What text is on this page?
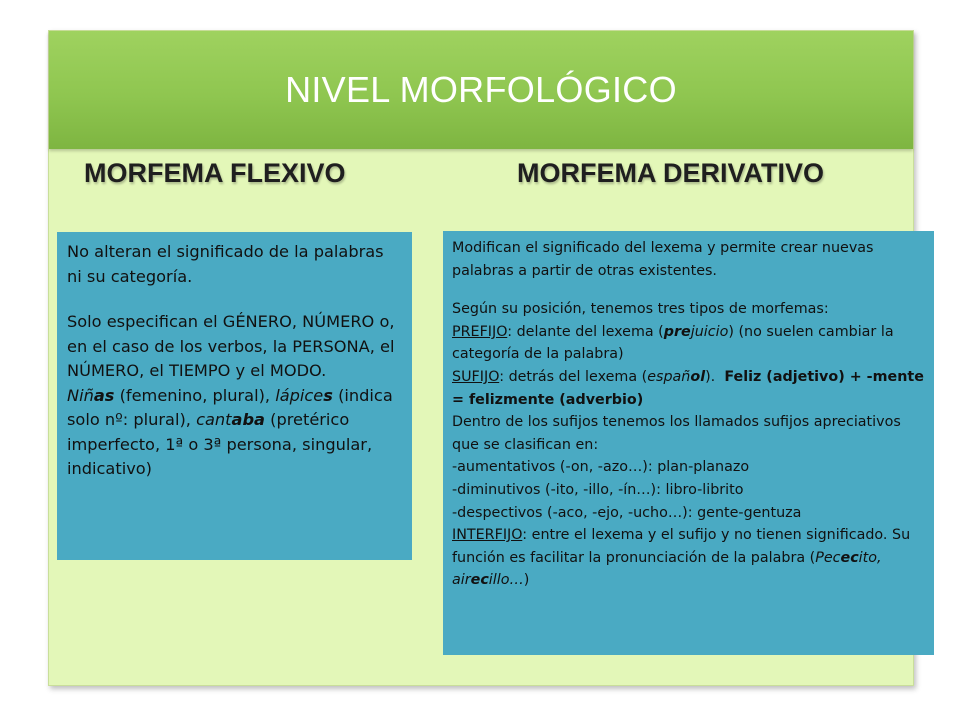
NIVEL MORFOLÓGICO
MORFEMA FLEXIVO	MORFEMA DERIVATIVO

No alteran el significado de la palabras ni su categoría.

Solo especifican el GÉNERO, NÚMERO o, en el caso de los verbos, la PERSONA, el NÚMERO, el TIEMPO y el MODO.

Niñas (femenino, plural), lápices (indica solo nº: plural), cantaba (pretérico imperfecto, 1ª o 3ª persona, singular, indicativo)

Modifican el significado del lexema y permite crear nuevas palabras a partir de otras existentes.

Según su posición, tenemos tres tipos de morfemas:

PREFIJO: delante del lexema (prejuicio) (no suelen cambiar la categoría de la palabra)

SUFIJO: detrás del lexema (español).  Feliz (adjetivo) + -mente = felizmente (adverbio)

Dentro de los sufijos tenemos los llamados sufijos apreciativos que se clasifican en:

-aumentativos (-on, -azo…): plan-planazo

-diminutivos (-ito, -illo, -ín…): libro-librito

-despectivos (-aco, -ejo, -ucho…): gente-gentuza

INTERFIJO: entre el lexema y el sufijo y no tienen significado. Su función es facilitar la pronunciación de la palabra (Pececito, airecillo…)
